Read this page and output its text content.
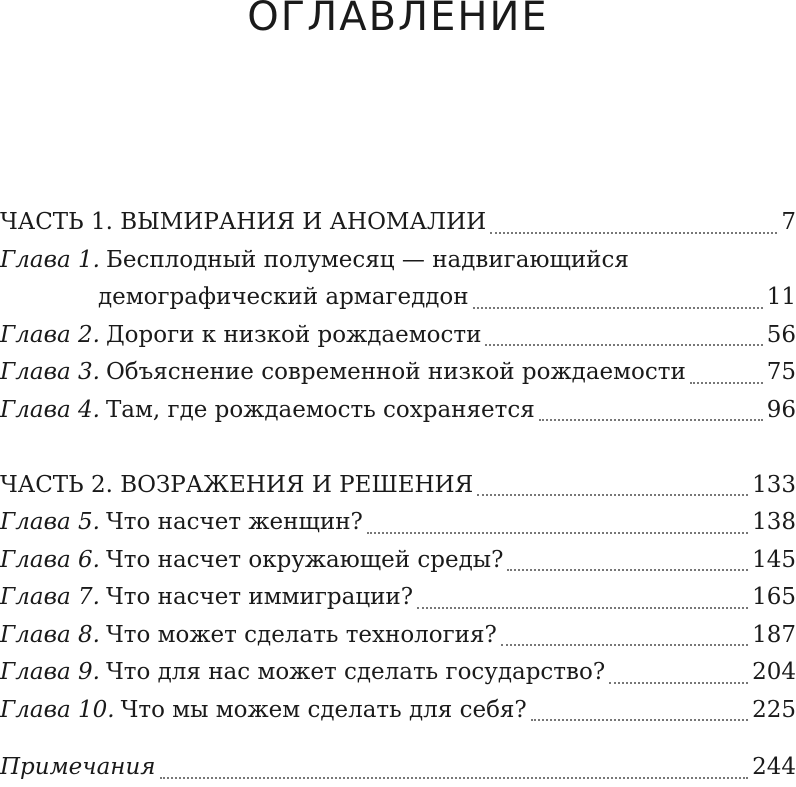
ОГЛАВЛЕНИЕ
ЧАСТЬ 1. ВЫМИРАНИЯ И АНОМАЛИИ	7
Глава 1. Бесплодный полумесяц — надвигающийся
демографический армагеддон	11
Глава 2. Дороги к низкой рождаемости	56
Глава 3. Объяснение современной низкой рождаемости	75
Глава 4. Там, где рождаемость сохраняется	96
ЧАСТЬ 2. ВОЗРАЖЕНИЯ И РЕШЕНИЯ	133
Глава 5. Что насчет женщин?	138
Глава 6. Что насчет окружающей среды?	145
Глава 7. Что насчет иммиграции?	165
Глава 8. Что может сделать технология?	187
Глава 9. Что для нас может сделать государство?	204
Глава 10. Что мы можем сделать для себя?	225
Примечания	244
